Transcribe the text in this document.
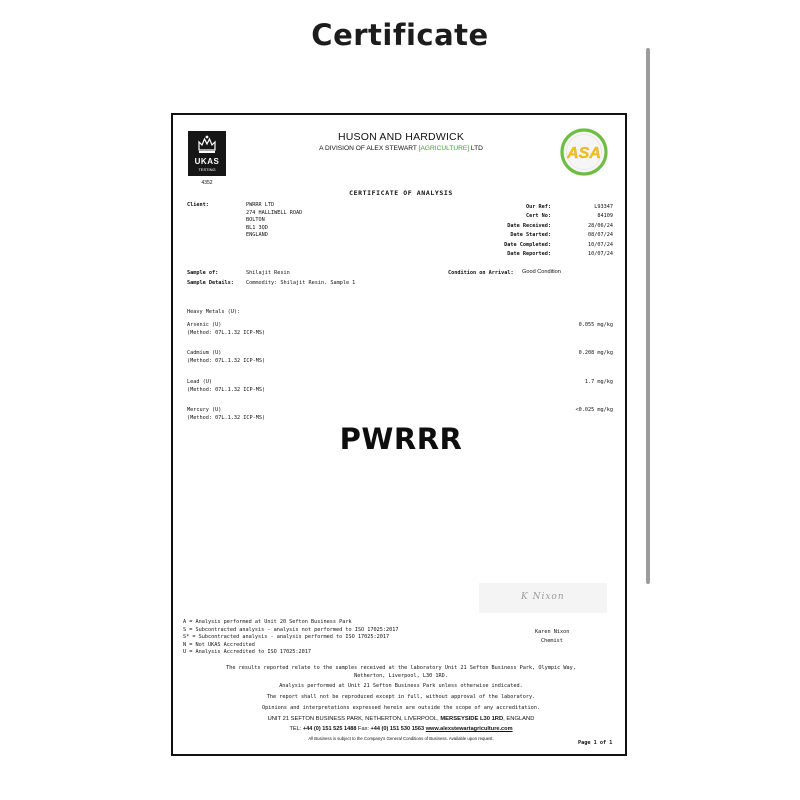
Certificate
UKAS
TESTING
4352
HUSON AND HARDWICK
A DIVISION OF ALEX STEWART [AGRICULTURE] LTD	ASA
CERTIFICATE OF ANALYSIS
Client:	PWRRR LTD
274 HALLIWELL ROAD
BOLTON
BL1 3QD
ENGLAND
Our Ref:	L93347
Cert No:	84109
Date Received:	28/06/24
Date Started:	08/07/24
Date Completed:	10/07/24
Date Reported:	10/07/24
Sample of:	Shilajit Resin	Condition on Arrival: Good Condition
Sample Details: Commodity: Shilajit Resin. Sample 1
Heavy Metals (U):
Arsenic (U)
(Method: 07L.1.32 ICP-MS)
0.055 mg/kg
Cadmium (U)
(Method: 07L.1.32 ICP-MS)
0.208 mg/kg
Lead (U)
(Method: 07L.1.32 ICP-MS)
1.7 mg/kg
Mercury (U)
(Method: 07L.1.32 ICP-MS)
<0.025 mg/kg
PWRRR
K Nixon
Karen Nixon
Chemist
A = Analysis performed at Unit 20 Sefton Business Park
S = Subcontracted analysis - analysis not performed to ISO 17025:2017
S* = Subcontracted analysis - analysis performed to ISO 17025:2017
N = Not UKAS Accredited
U = Analysis Accredited to ISO 17025:2017
The results reported relate to the samples received at the laboratory Unit 21 Sefton Business Park, Olympic Way,
Netherton, Liverpool, L30 1RD.
Analysis performed at Unit 21 Sefton Business Park unless otherwise indicated.
The report shall not be reproduced except in full, without approval of the laboratory.
Opinions and interpretations expressed herein are outside the scope of any accreditation.
UNIT 21 SEFTON BUSINESS PARK, NETHERTON, LIVERPOOL, MERSEYSIDE L30 1RD, ENGLAND
TEL: +44 (0) 151 525 1488 Fax: +44 (0) 151 530 1563 www.alexstewartagriculture.com
All Business is subject to the Company's General Conditions of Business. Available upon request.
Page 1 of 1
